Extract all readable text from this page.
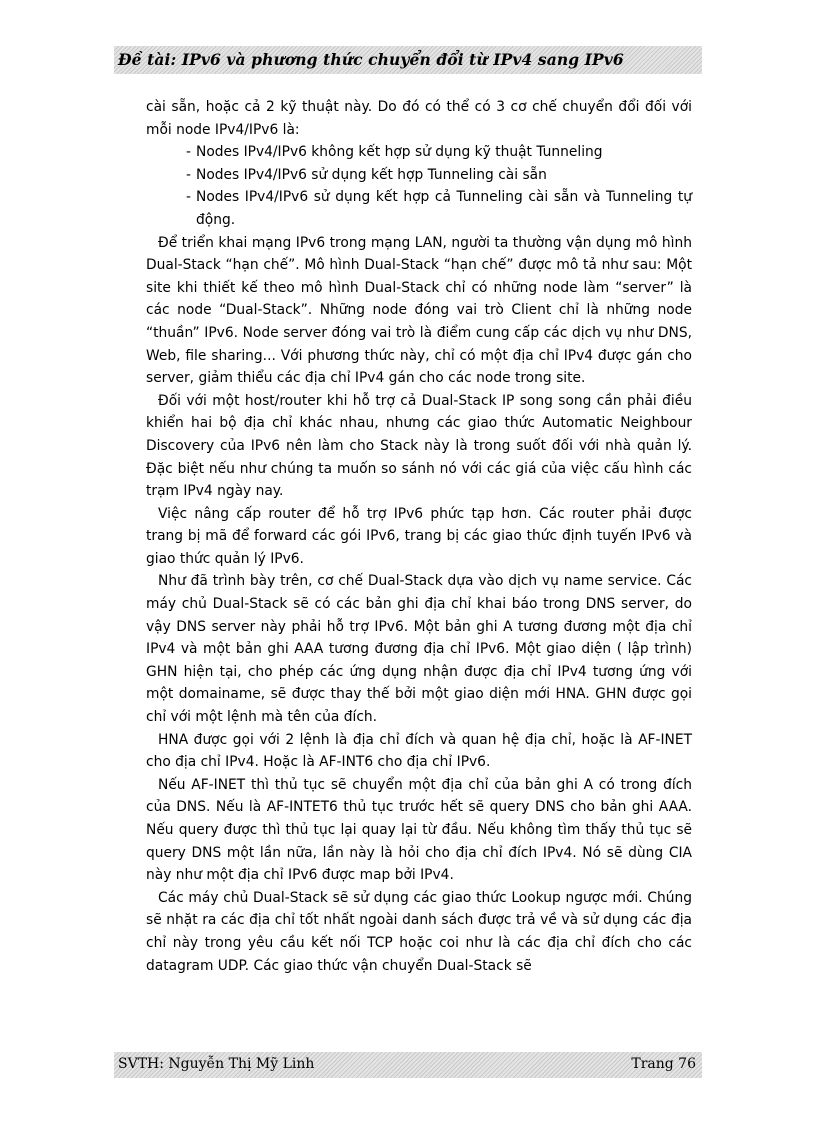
Đề tài: IPv6 và phương thức chuyển đổi từ IPv4 sang IPv6

cài sẵn, hoặc cả 2 kỹ thuật này. Do đó có thể có 3 cơ chế chuyển đổi đối với mỗi node IPv4/IPv6 là:

- Nodes IPv4/IPv6 không kết hợp sử dụng kỹ thuật Tunneling
- Nodes IPv4/IPv6 sử dụng kết hợp Tunneling cài sẵn
- Nodes IPv4/IPv6 sử dụng kết hợp cả Tunneling cài sẵn và Tunneling tự động.

Để triển khai mạng IPv6 trong mạng LAN, người ta thường vận dụng mô hình Dual-Stack “hạn chế”. Mô hình Dual-Stack “hạn chế” được mô tả như sau: Một site khi thiết kế theo mô hình Dual-Stack chỉ có những node làm “server” là các node “Dual-Stack”. Những node đóng vai trò Client chỉ là những node “thuần” IPv6. Node server đóng vai trò là điểm cung cấp các dịch vụ như DNS, Web, file sharing... Với phương thức này, chỉ có một địa chỉ IPv4 được gán cho server, giảm thiểu các địa chỉ IPv4 gán cho các node trong site.

Đối với một host/router khi hỗ trợ cả Dual-Stack IP song song cần phải điều khiển hai bộ địa chỉ khác nhau, nhưng các giao thức Automatic Neighbour Discovery của IPv6 nên làm cho Stack này là trong suốt đối với nhà quản lý. Đặc biệt nếu như chúng ta muốn so sánh nó với các giá của việc cấu hình các trạm IPv4 ngày nay.

Việc nâng cấp router để hỗ trợ IPv6 phức tạp hơn. Các router phải được trang bị mã để forward các gói IPv6, trang bị các giao thức định tuyến IPv6 và giao thức quản lý IPv6.

Như đã trình bày trên, cơ chế Dual-Stack dựa vào dịch vụ name service. Các máy chủ Dual-Stack sẽ có các bản ghi địa chỉ khai báo trong DNS server, do vậy DNS server này phải hỗ trợ IPv6. Một bản ghi A tương đương một địa chỉ IPv4 và một bản ghi AAA tương đương địa chỉ IPv6. Một giao diện ( lập trình) GHN hiện tại, cho phép các ứng dụng nhận được địa chỉ IPv4 tương ứng với một domainame, sẽ được thay thế bởi một giao diện mới HNA. GHN được gọi chỉ với một lệnh mà tên của đích.

HNA được gọi với 2 lệnh là địa chỉ đích và quan hệ địa chỉ, hoặc là AF-INET cho địa chỉ IPv4. Hoặc là AF-INT6 cho địa chỉ IPv6.

Nếu AF-INET thì thủ tục sẽ chuyển một địa chỉ của bản ghi A có trong đích của DNS. Nếu là AF-INTET6 thủ tục trước hết sẽ query DNS cho bản ghi AAA. Nếu query được thì thủ tục lại quay lại từ đầu. Nếu không tìm thấy thủ tục sẽ query DNS một lần nữa, lần này là hỏi cho địa chỉ đích IPv4. Nó sẽ dùng CIA này như một địa chỉ IPv6 được map bởi IPv4.

Các máy chủ Dual-Stack sẽ sử dụng các giao thức Lookup ngược mới. Chúng sẽ nhặt ra các địa chỉ tốt nhất ngoài danh sách được trả về và sử dụng các địa chỉ này trong yêu cầu kết nối TCP hoặc coi như là các địa chỉ đích cho các datagram UDP. Các giao thức vận chuyển Dual-Stack sẽ

SVTH: Nguyễn Thị Mỹ Linh	Trang 76
